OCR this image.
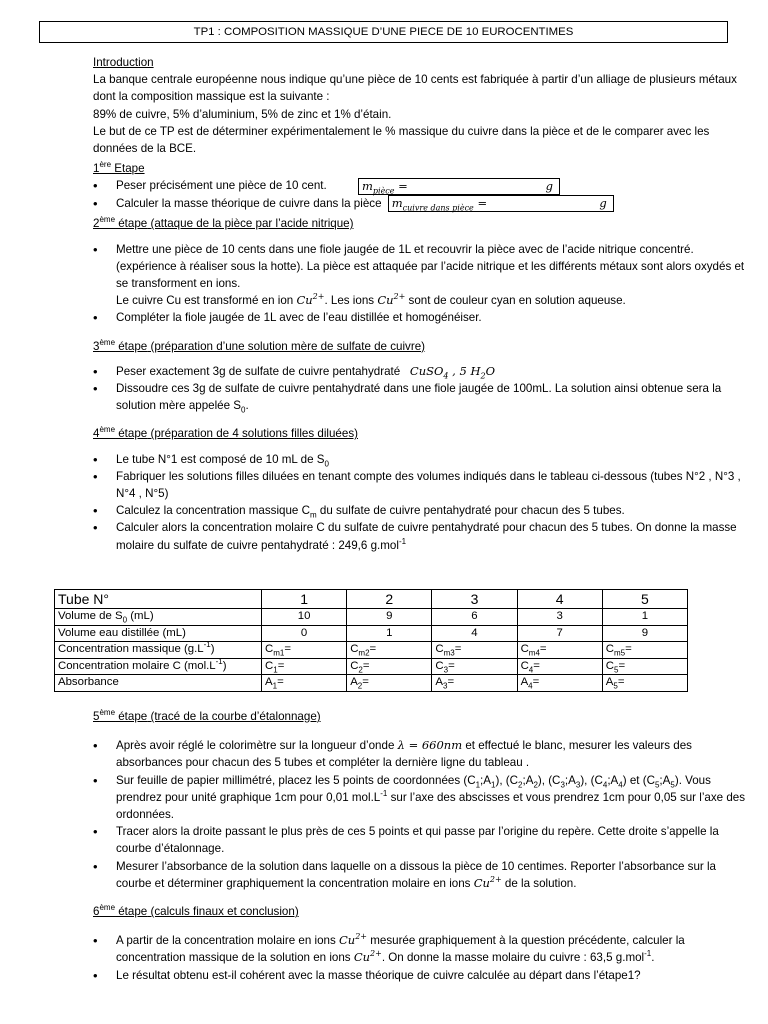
TP1 : COMPOSITION MASSIQUE D’UNE PIECE DE 10 EUROCENTIMES
Introduction

La banque centrale européenne nous indique qu’une pièce de 10 cents est fabriquée à partir d’un alliage de plusieurs métaux dont la composition massique est la suivante :

89% de cuivre, 5% d’aluminium, 5% de zinc et 1% d’étain.

Le but de ce TP est de déterminer expérimentalement le % massique du cuivre dans la pièce et de le comparer avec les données de la BCE.

1ère Etape
• Peser précisément une pièce de 10 cent.	$m_{pièce}$ =	g
• Calculer la masse théorique de cuivre dans la pièce $m_{cuivre dans pièce}$ =	g
2ème étape (attaque de la pièce par l’acide nitrique)
• Mettre une pièce de 10 cents dans une fiole jaugée de 1L et recouvrir la pièce avec de l’acide nitrique concentré. (expérience à réaliser sous la hotte). La pièce est attaquée par l’acide nitrique et les différents métaux sont alors oxydés et se transforment en ions.
Le cuivre Cu est transformé en ion $Cu^{2+}$. Les ions $Cu^{2+}$ sont de couleur cyan en solution aqueuse.
• Compléter la fiole jaugée de 1L avec de l’eau distillée et homogénéiser.
3ème étape (préparation d’une solution mère de sulfate de cuivre)
• Peser exactement 3g de sulfate de cuivre pentahydraté CuSO$_4$ , 5 $H_2O$
• Dissoudre ces 3g de sulfate de cuivre pentahydraté dans une fiole jaugée de 100mL. La solution ainsi obtenue sera la solution mère appelée $S_0$.
4ème étape (préparation de 4 solutions filles diluées)
• Le tube N°1 est composé de 10 mL de $S_0$
• Fabriquer les solutions filles diluées en tenant compte des volumes indiqués dans le tableau ci-dessous (tubes N°2 , N°3 , N°4 , N°5)
• Calculez la concentration massique $C_m$ du sulfate de cuivre pentahydraté pour chacun des 5 tubes.
• Calculer alors la concentration molaire C du sulfate de cuivre pentahydraté pour chacun des 5 tubes. On donne la masse molaire du sulfate de cuivre pentahydraté : 249,6 g.mol$^{-1}$
Tube N°	1	2	3	4	5
Volume de $S_0$ (mL)	10	9	6	3	1
Volume eau distillée (mL)	0	1	4	7	9
Concentration massique $(g.L^{-1})$	$C_{m1}=$	$C_{m2}=$	$C_{m3}=$	$C_{m4}=$	$C_{m5}=$
Concentration molaire C $(mol.L^{-1})$	$C_1=$	$C_2=$	$C_3=$	$C_4=$	$C_5=$
Absorbance	$A_1=$	$A_2=$	$A_3=$	$A_4=$	$A_5=$
5ème étape (tracé de la courbe d’étalonnage)
• Après avoir réglé le colorimètre sur la longueur d’onde λ = 660nm et effectué le blanc, mesurer les valeurs des absorbances pour chacun des 5 tubes et compléter la dernière ligne du tableau .
• Sur feuille de papier millimétré, placez les 5 points de coordonnées $(C_1;A_1)$, $(C_2;A_2)$, $(C_3;A_3)$, $(C_4;A_4)$ et $(C_5;A_5)$. Vous prendrez pour unité graphique 1cm pour 0,01 $mol.L^{-1}$ sur l’axe des abscisses et vous prendrez 1cm pour 0,05 sur l’axe des ordonnées.
• Tracer alors la droite passant le plus près de ces 5 points et qui passe par l’origine du repère. Cette droite s’appelle la courbe d’étalonnage.
• Mesurer l’absorbance de la solution dans laquelle on a dissous la pièce de 10 centimes. Reporter l’absorbance sur la courbe et déterminer graphiquement la concentration molaire en ions $Cu^{2+}$ de la solution.
6ème étape (calculs finaux et conclusion)
• A partir de la concentration molaire en ions $Cu^{2+}$ mesurée graphiquement à la question précédente, calculer la concentration massique de la solution en ions $Cu^{2+}$. On donne la masse molaire du cuivre : 63,5 g.mol$^{-1}$.
• Le résultat obtenu est-il cohérent avec la masse théorique de cuivre calculée au départ dans l’étape1?
